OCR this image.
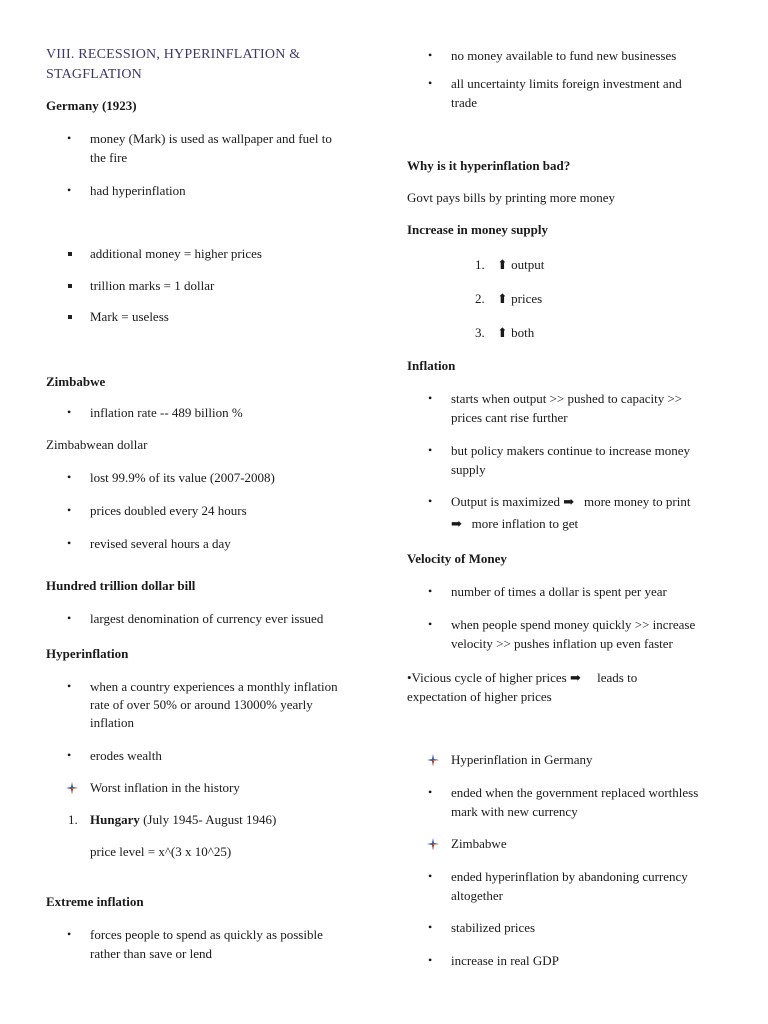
VIII. RECESSION, HYPERINFLATION &
STAGFLATION
Germany (1923)
• money (Mark) is used as wallpaper and fuel to
the fire
• had hyperinflation
additional money = higher prices
trillion marks = 1 dollar
Mark = useless
Zimbabwe
• inflation rate -- 489 billion %
Zimbabwean dollar
• lost 99.9% of its value (2007-2008)
• prices doubled every 24 hours
• revised several hours a day
Hundred trillion dollar bill
• largest denomination of currency ever issued
Hyperinflation
• when a country experiences a monthly inflation
rate of over 50% or around 13000% yearly
inflation
• erodes wealth
Worst inflation in the history
1. Hungary (July 1945- August 1946)
price level = x^(3 x 10^25)
Extreme inflation
• forces people to spend as quickly as possible
rather than save or lend
• no money available to fund new businesses
• all uncertainty limits foreign investment and
trade
Why is it hyperinflation bad?
Govt pays bills by printing more money
Increase in money supply
1. ⬆ output
2. ⬆ prices
3. ⬆ both
Inflation
• starts when output >> pushed to capacity >>
prices cant rise further
• but policy makers continue to increase money
supply
• Output is maximized ➡ more money to print
➡ more inflation to get
Velocity of Money
• number of times a dollar is spent per year
• when people spend money quickly >> increase
velocity >> pushes inflation up even faster
•Vicious cycle of higher prices ➡ leads to
expectation of higher prices
Hyperinflation in Germany
• ended when the government replaced worthless
mark with new currency
Zimbabwe
• ended hyperinflation by abandoning currency
altogether
• stabilized prices
• increase in real GDP
